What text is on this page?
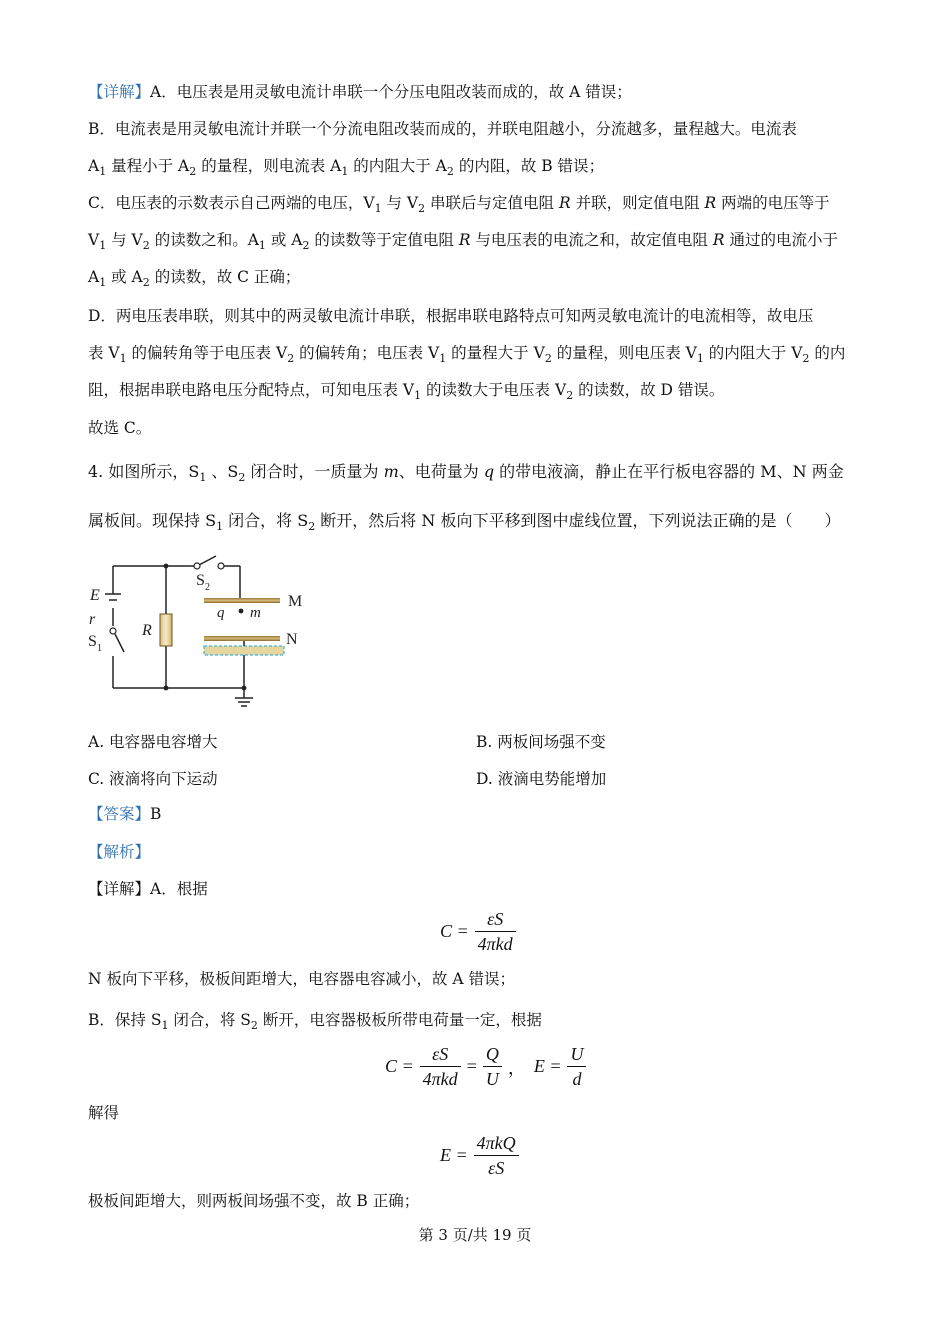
【详解】A．电压表是用灵敏电流计串联一个分压电阻改装而成的，故 A 错误；
B．电流表是用灵敏电流计并联一个分流电阻改装而成的，并联电阻越小，分流越多，量程越大。电流表
$A_1$ 量程小于 $A_2$ 的量程，则电流表 $A_1$ 的内阻大于 $A_2$ 的内阻，故 B 错误；
C．电压表的示数表示自己两端的电压，$V_1$ 与 $V_2$ 串联后与定值电阻 R 并联，则定值电阻 R 两端的电压等于
$V_1$ 与 $V_2$ 的读数之和。$A_1$ 或 $A_2$ 的读数等于定值电阻 R 与电压表的电流之和，故定值电阻 R 通过的电流小于
$A_1$ 或 $A_2$ 的读数，故 C 正确；
D．两电压表串联，则其中的两灵敏电流计串联，根据串联电路特点可知两灵敏电流计的电流相等，故电压
表 $V_1$ 的偏转角等于电压表 $V_2$ 的偏转角；电压表 $V_1$ 的量程大于 $V_2$ 的量程，则电压表 $V_1$ 的内阻大于 $V_2$ 的内
阻，根据串联电路电压分配特点，可知电压表 $V_1$ 的读数大于电压表 $V_2$ 的读数，故 D 错误。
故选 C。
4. 如图所示，$S_1$ 、$S_2$ 闭合时，一质量为 m、电荷量为 q 的带电液滴，静止在平行板电容器的 M、N 两金
属板间。现保持 $S_1$ 闭合，将 $S_2$ 断开，然后将 N 板向下平移到图中虚线位置，下列说法正确的是（　　）
E
r
S 1
S 2
R
M
N
q m
A. 电容器电容增大	B. 两板间场强不变
C. 液滴将向下运动	D. 液滴电势能增加
【答案】B
【解析】
【详解】A．根据
$C = \frac{\varepsilon S}{\text{4πkd}}$
N 板向下平移，极板间距增大，电容器电容减小，故 A 错误；
B．保持 $S_1$ 闭合，将 $S_2$ 断开，电容器极板所带电荷量一定，根据
$C = \frac{\varepsilon S}{\text{4πkd}} = \frac{Q}{U}$ ， $E = \frac{U}{d}$
解得
$E = \frac{\text{4πkQ}}{\varepsilon S}$
极板间距增大，则两板间场强不变，故 B 正确；
第 3 页/共 19 页
